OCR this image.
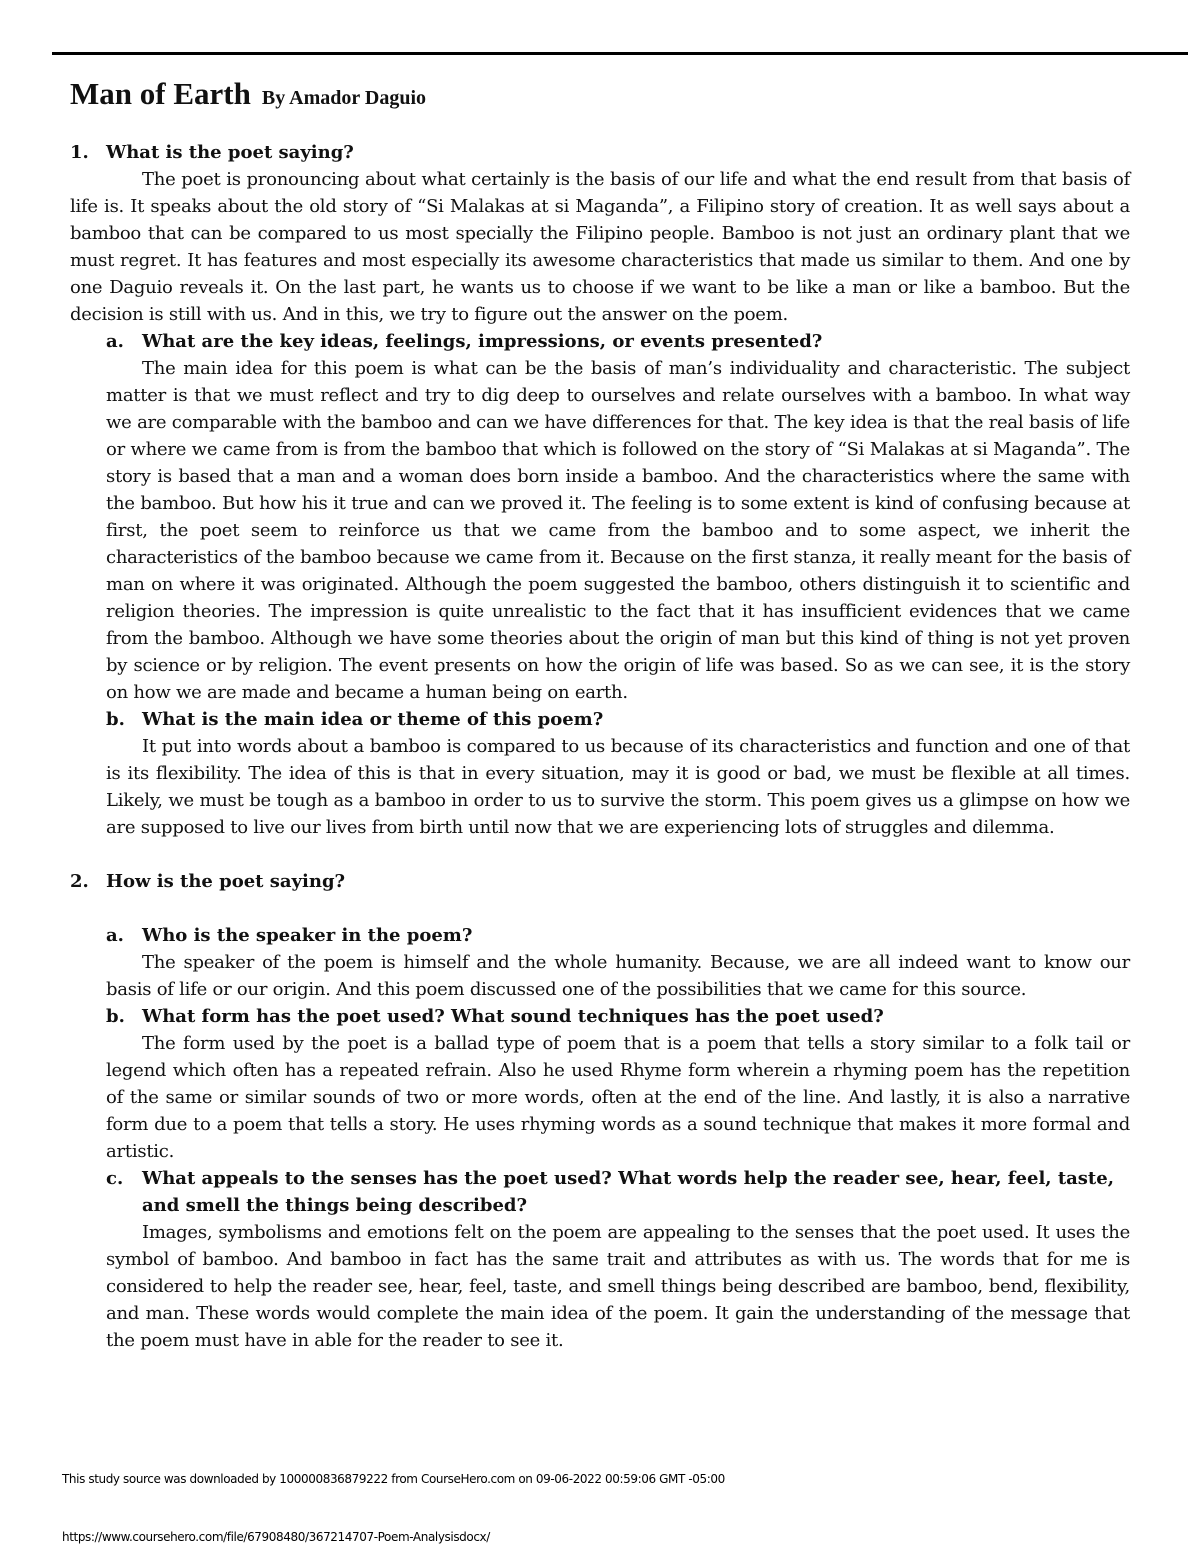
Man of Earth By Amador Daguio
1. What is the poet saying?

The poet is pronouncing about what certainly is the basis of our life and what the end result from that basis of life is. It speaks about the old story of “Si Malakas at si Maganda”, a Filipino story of creation. It as well says about a bamboo that can be compared to us most specially the Filipino people. Bamboo is not just an ordinary plant that we must regret. It has features and most especially its awesome characteristics that made us similar to them. And one by one Daguio reveals it. On the last part, he wants us to choose if we want to be like a man or like a bamboo. But the decision is still with us. And in this, we try to figure out the answer on the poem.

a.	What are the key ideas, feelings, impressions, or events presented?

The main idea for this poem is what can be the basis of man’s individuality and characteristic. The subject matter is that we must reflect and try to dig deep to ourselves and relate ourselves with a bamboo. In what way we are comparable with the bamboo and can we have differences for that. The key idea is that the real basis of life or where we came from is from the bamboo that which is followed on the story of “Si Malakas at si Maganda”. The story is based that a man and a woman does born inside a bamboo. And the characteristics where the same with the bamboo. But how his it true and can we proved it. The feeling is to some extent is kind of confusing because at first, the poet seem to reinforce us that we came from the bamboo and to some aspect, we inherit the characteristics of the bamboo because we came from it. Because on the first stanza, it really meant for the basis of man on where it was originated. Although the poem suggested the bamboo, others distinguish it to scientific and religion theories. The impression is quite unrealistic to the fact that it has insufficient evidences that we came from the bamboo. Although we have some theories about the origin of man but this kind of thing is not yet proven by science or by religion. The event presents on how the origin of life was based. So as we can see, it is the story on how we are made and became a human being on earth.

b. What is the main idea or theme of this poem?

It put into words about a bamboo is compared to us because of its characteristics and function and one of that is its flexibility. The idea of this is that in every situation, may it is good or bad, we must be flexible at all times. Likely, we must be tough as a bamboo in order to us to survive the storm. This poem gives us a glimpse on how we are supposed to live our lives from birth until now that we are experiencing lots of struggles and dilemma.

2. How is the poet saying?
a.	Who is the speaker in the poem?

The speaker of the poem is himself and the whole humanity. Because, we are all indeed want to know our basis of life or our origin. And this poem discussed one of the possibilities that we came for this source.

b. What form has the poet used? What sound techniques has the poet used?

The form used by the poet is a ballad type of poem that is a poem that tells a story similar to a folk tail or legend which often has a repeated refrain. Also he used Rhyme form wherein a rhyming poem has the repetition of the same or similar sounds of two or more words, often at the end of the line. And lastly, it is also a narrative form due to a poem that tells a story. He uses rhyming words as a sound technique that makes it more formal and artistic.

c.	What appeals to the senses has the poet used? What words help the reader see, hear, feel, taste, and smell the things being described?

Images, symbolisms and emotions felt on the poem are appealing to the senses that the poet used. It uses the symbol of bamboo. And bamboo in fact has the same trait and attributes as with us. The words that for me is considered to help the reader see, hear, feel, taste, and smell things being described are bamboo, bend, flexibility, and man. These words would complete the main idea of the poem. It gain the understanding of the message that the poem must have in able for the reader to see it.

This study source was downloaded by 100000836879222 from CourseHero.com on 09-06-2022 00:59:06 GMT -05:00
https://www.coursehero.com/file/67908480/367214707-Poem-Analysisdocx/
